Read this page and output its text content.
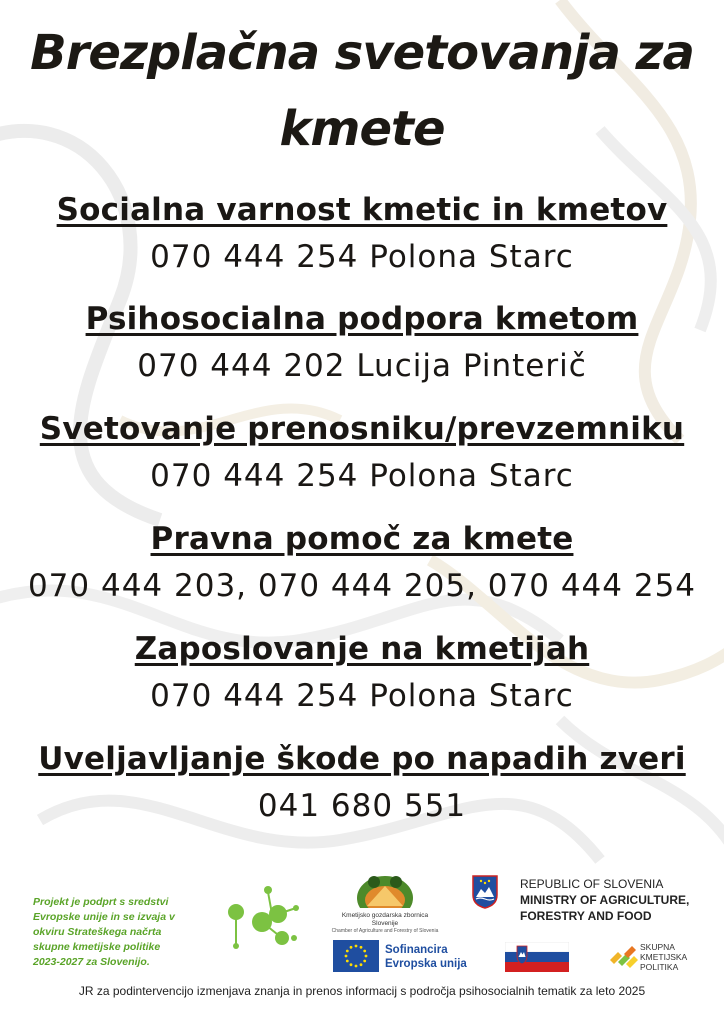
Brezplačna svetovanja za
kmete
Socialna varnost kmetic in kmetov
070 444 254 Polona Starc
Psihosocialna podpora kmetom
070 444 202 Lucija Pinterič
Svetovanje prenosniku/prevzemniku
070 444 254 Polona Starc
Pravna pomoč za kmete
070 444 203, 070 444 205, 070 444 254
Zaposlovanje na kmetijah
070 444 254 Polona Starc
Uveljavljanje škode po napadih zveri
041 680 551
Projekt je podprt s sredstvi Evropske unije in se izvaja v okviru Strateškega načrta skupne kmetijske politike 2023-2027 za Slovenijo.
Kmetijsko gozdarska zbornica Slovenije
Chamber of Agriculture and Forestry of Slovenia
REPUBLIC OF SLOVENIA
MINISTRY OF AGRICULTURE,
FORESTRY AND FOOD
Sofinancira
Evropska unija
SKUPNA
KMETIJSKA
POLITIKA
JR za podintervencijo izmenjava znanja in prenos informacij s področja psihosocialnih tematik za leto 2025
